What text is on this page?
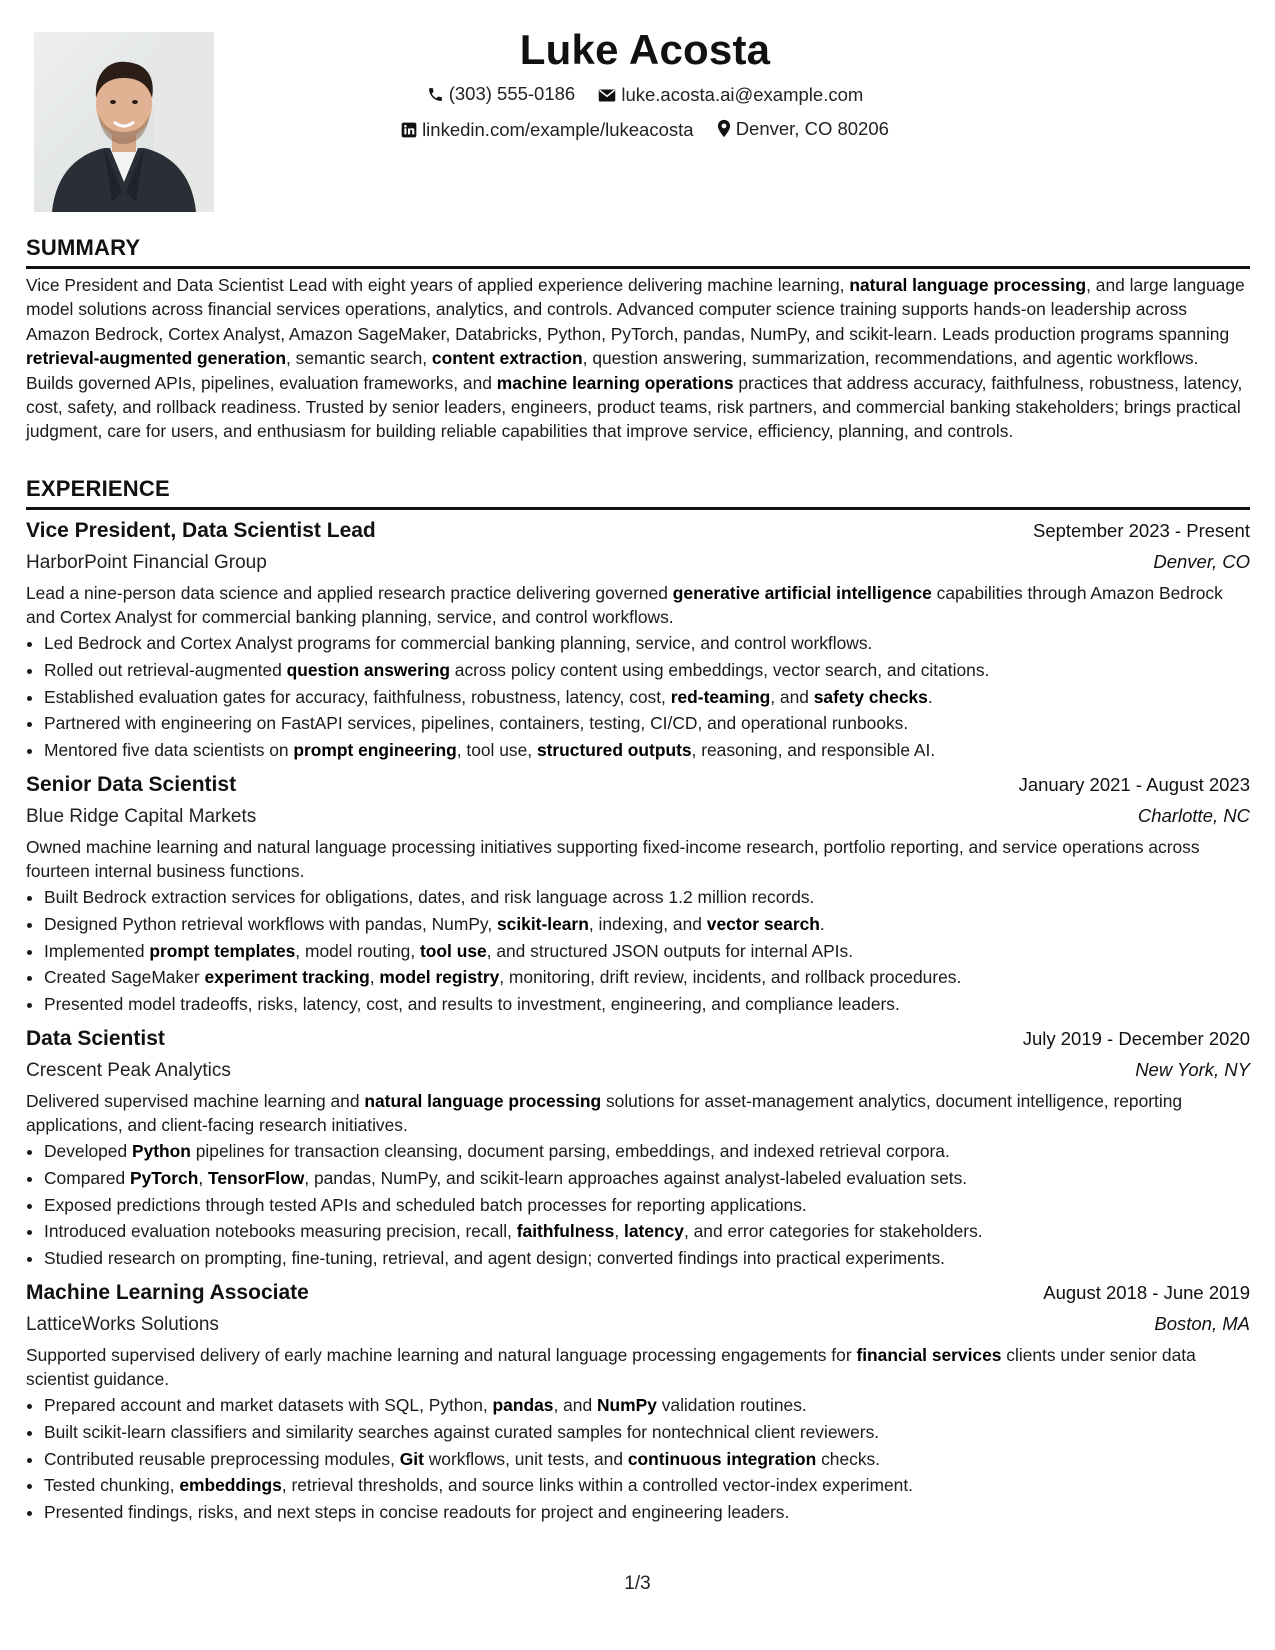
Luke Acosta
(303) 555-0186
luke.acosta.ai@example.com
linkedin.com/example/lukeacosta
Denver, CO 80206
SUMMARY
Vice President and Data Scientist Lead with eight years of applied experience delivering machine learning, natural language processing, and large language model solutions across financial services operations, analytics, and controls. Advanced computer science training supports hands-on leadership across Amazon Bedrock, Cortex Analyst, Amazon SageMaker, Databricks, Python, PyTorch, pandas, NumPy, and scikit-learn. Leads production programs spanning retrieval-augmented generation, semantic search, content extraction, question answering, summarization, recommendations, and agentic workflows. Builds governed APIs, pipelines, evaluation frameworks, and machine learning operations practices that address accuracy, faithfulness, robustness, latency, cost, safety, and rollback readiness. Trusted by senior leaders, engineers, product teams, risk partners, and commercial banking stakeholders; brings practical judgment, care for users, and enthusiasm for building reliable capabilities that improve service, efficiency, planning, and controls.
EXPERIENCE
Vice President, Data Scientist Lead	September 2023 - Present
HarborPoint Financial Group	Denver, CO
Lead a nine-person data science and applied research practice delivering governed generative artificial intelligence capabilities through Amazon Bedrock and Cortex Analyst for commercial banking planning, service, and control workflows.
• Led Bedrock and Cortex Analyst programs for commercial banking planning, service, and control workflows.
• Rolled out retrieval-augmented question answering across policy content using embeddings, vector search, and citations.
• Established evaluation gates for accuracy, faithfulness, robustness, latency, cost, red-teaming, and safety checks.
• Partnered with engineering on FastAPI services, pipelines, containers, testing, CI/CD, and operational runbooks.
• Mentored five data scientists on prompt engineering, tool use, structured outputs, reasoning, and responsible AI.
Senior Data Scientist	January 2021 - August 2023
Blue Ridge Capital Markets	Charlotte, NC
Owned machine learning and natural language processing initiatives supporting fixed-income research, portfolio reporting, and service operations across fourteen internal business functions.
• Built Bedrock extraction services for obligations, dates, and risk language across 1.2 million records.
• Designed Python retrieval workflows with pandas, NumPy, scikit-learn, indexing, and vector search.
• Implemented prompt templates, model routing, tool use, and structured JSON outputs for internal APIs.
• Created SageMaker experiment tracking, model registry, monitoring, drift review, incidents, and rollback procedures.
• Presented model tradeoffs, risks, latency, cost, and results to investment, engineering, and compliance leaders.
Data Scientist	July 2019 - December 2020
Crescent Peak Analytics	New York, NY
Delivered supervised machine learning and natural language processing solutions for asset-management analytics, document intelligence, reporting applications, and client-facing research initiatives.
• Developed Python pipelines for transaction cleansing, document parsing, embeddings, and indexed retrieval corpora.
• Compared PyTorch, TensorFlow, pandas, NumPy, and scikit-learn approaches against analyst-labeled evaluation sets.
• Exposed predictions through tested APIs and scheduled batch processes for reporting applications.
• Introduced evaluation notebooks measuring precision, recall, faithfulness, latency, and error categories for stakeholders.
• Studied research on prompting, fine-tuning, retrieval, and agent design; converted findings into practical experiments.
Machine Learning Associate	August 2018 - June 2019
LatticeWorks Solutions	Boston, MA
Supported supervised delivery of early machine learning and natural language processing engagements for financial services clients under senior data scientist guidance.
• Prepared account and market datasets with SQL, Python, pandas, and NumPy validation routines.
• Built scikit-learn classifiers and similarity searches against curated samples for nontechnical client reviewers.
• Contributed reusable preprocessing modules, Git workflows, unit tests, and continuous integration checks.
• Tested chunking, embeddings, retrieval thresholds, and source links within a controlled vector-index experiment.
• Presented findings, risks, and next steps in concise readouts for project and engineering leaders.
1/3
